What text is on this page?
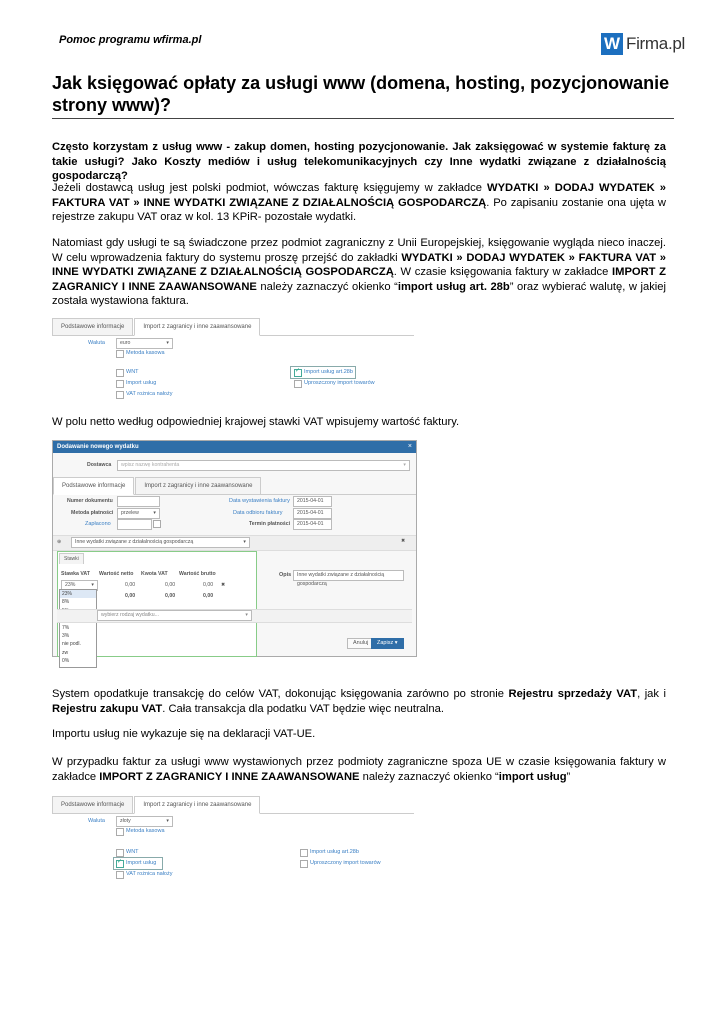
Pomoc programu wfirma.pl	W Firma.pl
Jak księgować opłaty za usługi www (domena, hosting, pozycjonowanie strony www)?
Często korzystam z usług www - zakup domen, hosting pozycjonowanie. Jak zaksięgować w systemie fakturę za takie usługi? Jako Koszty mediów i usług telekomunikacyjnych czy Inne wydatki związane z działalnością gospodarczą?
Jeżeli dostawcą usług jest polski podmiot, wówczas fakturę księgujemy w zakładce WYDATKI » DODAJ WYDATEK » FAKTURA VAT » INNE WYDATKI ZWIĄZANE Z DZIAŁALNOŚCIĄ GOSPODARCZĄ. Po zapisaniu zostanie ona ujęta w rejestrze zakupu VAT oraz w kol. 13 KPiR- pozostałe wydatki.
Natomiast gdy usługi te są świadczone przez podmiot zagraniczny z Unii Europejskiej, księgowanie wygląda nieco inaczej. W celu wprowadzenia faktury do systemu proszę przejść do zakładki WYDATKI » DODAJ WYDATEK » FAKTURA VAT » INNE WYDATKI ZWIĄZANE Z DZIAŁALNOŚCIĄ GOSPODARCZĄ. W czasie księgowania faktury w zakładce IMPORT Z ZAGRANICY I INNE ZAAWANSOWANE należy zaznaczyć okienko “import usług art. 28b” oraz wybierać walutę, w jakiej została wystawiona faktura.
Podstawowe informacje	Import z zagranicy i inne zaawansowane
Waluta	euro	▾
Metoda kasowa
WNT
Import usług
VAT rożnica nałoży
✓
Import usług art.28b
Uproszczony import towarów
W polu netto według odpowiedniej krajowej stawki VAT wpisujemy wartość faktury.
Dodawanie nowego wydatku	×
Dostawca	wpisz nazwę kontrahenta	▾
Podstawowe informacje	Import z zagranicy i inne zaawansowane
Numer dokumentu
Metoda płatności	przelew	▾
Zapłacono
Data wystawienia faktury	2015-04-01
Data odbioru faktury	2015-04-01
Termin płatności	2015-04-01
⊕	Inne wydatki związane z działalnością gospodarczą	▾	✖
Stawki
Stawka VAT Wartość netto Kwota VAT Wartość brutto
23%	▾	0,00	0,00	0,00 ✖
0,00	0,00	0,00
23%
8%
7%
3%
nie podl.
zw
0%
Opis	Inne wydatki związane z działalnością gospodarczą
wybierz rodzaj wydatku...	▾
Anuluj	Zapisz ▾
System opodatkuje transakcję do celów VAT, dokonując księgowania zarówno po stronie Rejestru sprzedaży VAT, jak i Rejestru zakupu VAT. Cała transakcja dla podatku VAT będzie więc neutralna.
Importu usług nie wykazuje się na deklaracji VAT-UE.
W przypadku faktur za usługi www wystawionych przez podmioty zagraniczne spoza UE w czasie księgowania faktury w zakładce IMPORT Z ZAGRANICY I INNE ZAAWANSOWANE należy zaznaczyć okienko “import usług”
Podstawowe informacje	Import z zagranicy i inne zaawansowane
Waluta	złoty	▾
Metoda kasowa
WNT
✓
Import usług
VAT rożnica nałoży
Import usług art.28b
Uproszczony import towarów
